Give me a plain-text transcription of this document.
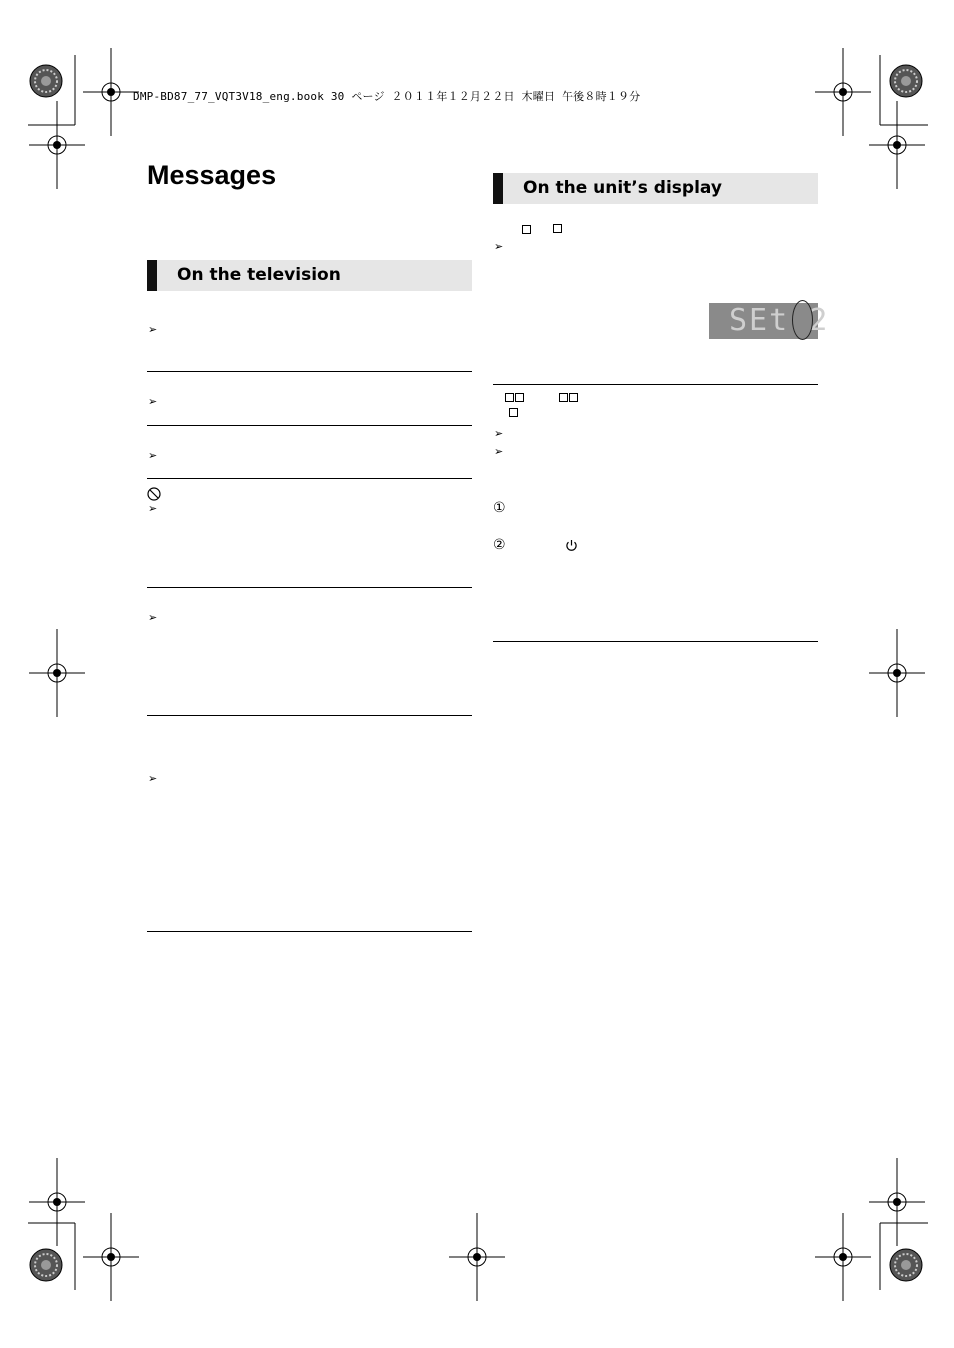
DMP-BD87_77_VQT3V18_eng.book 30 ページ ２０１１年１２月２２日 木曜日 午後８時１９分
Messages
On the television
On the unit’s display
➢
➢
➢
➢
➢
➢
➢
SEt 2
➢
➢
①
②
